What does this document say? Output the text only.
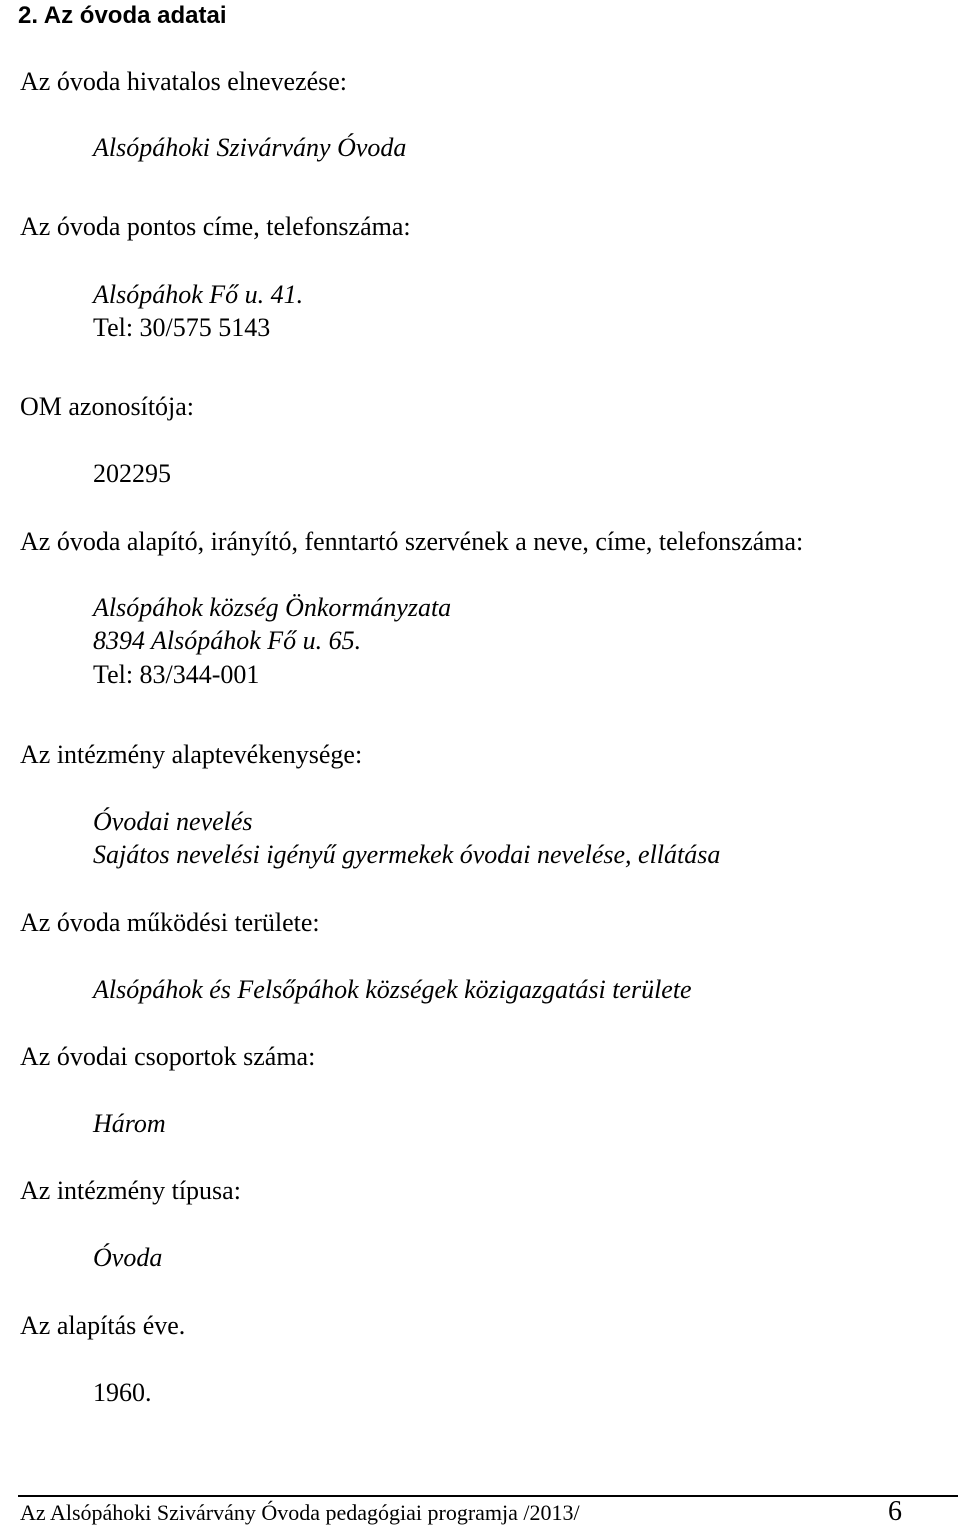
2. Az óvoda adatai
Az óvoda hivatalos elnevezése:
Alsópáhoki Szivárvány Óvoda
Az óvoda pontos címe, telefonszáma:
Alsópáhok Fő u. 41.
Tel: 30/575 5143
OM azonosítója:
202295
Az óvoda alapító, irányító, fenntartó szervének a neve, címe, telefonszáma:
Alsópáhok község Önkormányzata
8394 Alsópáhok Fő u. 65.
Tel: 83/344-001
Az intézmény alaptevékenysége:
Óvodai nevelés
Sajátos nevelési igényű gyermekek óvodai nevelése, ellátása
Az óvoda működési területe:
Alsópáhok és Felsőpáhok községek közigazgatási területe
Az óvodai csoportok száma:
Három
Az intézmény típusa:
Óvoda
Az alapítás éve.
1960.
Az Alsópáhoki Szivárvány Óvoda pedagógiai programja /2013/	6
